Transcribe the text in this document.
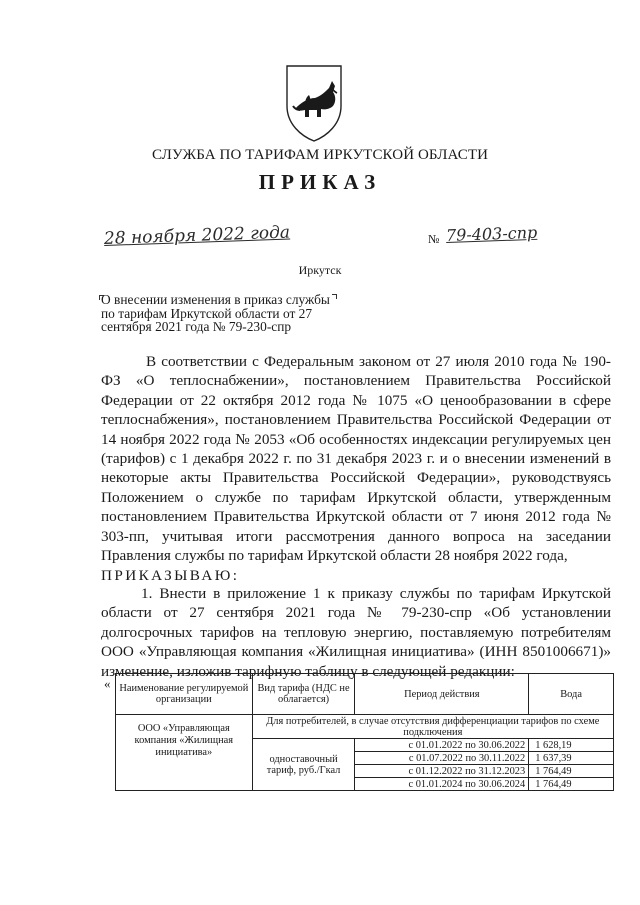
СЛУЖБА ПО ТАРИФАМ ИРКУТСКОЙ ОБЛАСТИ
ПРИКАЗ
28 ноября 2022 года	№ 79-403-спр
Иркутск
О внесении изменения в приказ службы по тарифам Иркутской области от 27 сентября 2021 года № 79-230-спр
В соответствии с Федеральным законом от 27 июля 2010 года № 190-ФЗ «О теплоснабжении», постановлением Правительства Российской Федерации от 22 октября 2012 года № 1075 «О ценообразовании в сфере теплоснабжения», постановлением Правительства Российской Федерации от 14 ноября 2022 года № 2053 «Об особенностях индексации регулируемых цен (тарифов) с 1 декабря 2022 г. по 31 декабря 2023 г. и о внесении изменений в некоторые акты Правительства Российской Федерации», руководствуясь Положением о службе по тарифам Иркутской области, утвержденным постановлением Правительства Иркутской области от 7 июня 2012 года № 303-пп, учитывая итоги рассмотрения данного вопроса на заседании Правления службы по тарифам Иркутской области 28 ноября 2022 года,
ПРИКАЗЫВАЮ:
1. Внести в приложение 1 к приказу службы по тарифам Иркутской области от 27 сентября 2021 года № 79-230-спр «Об установлении долгосрочных тарифов на тепловую энергию, поставляемую потребителям ООО «Управляющая компания «Жилищная инициатива» (ИНН 8501006671)» изменение, изложив тарифную таблицу в следующей редакции:
« Наименование регулируемой организации	Вид тарифа (НДС не облагается)	Период действия	Вода
ООО «Управляющая компания «Жилищная инициатива»	Для потребителей, в случае отсутствия дифференциации тарифов по схеме подключения		
	одноставочный тариф, руб./Гкал	с 01.01.2022 по 30.06.2022	1 628,19
		с 01.07.2022 по 30.11.2022	1 637,39
		с 01.12.2022 по 31.12.2023	1 764,49
		с 01.01.2024 по 30.06.2024	1 764,49
